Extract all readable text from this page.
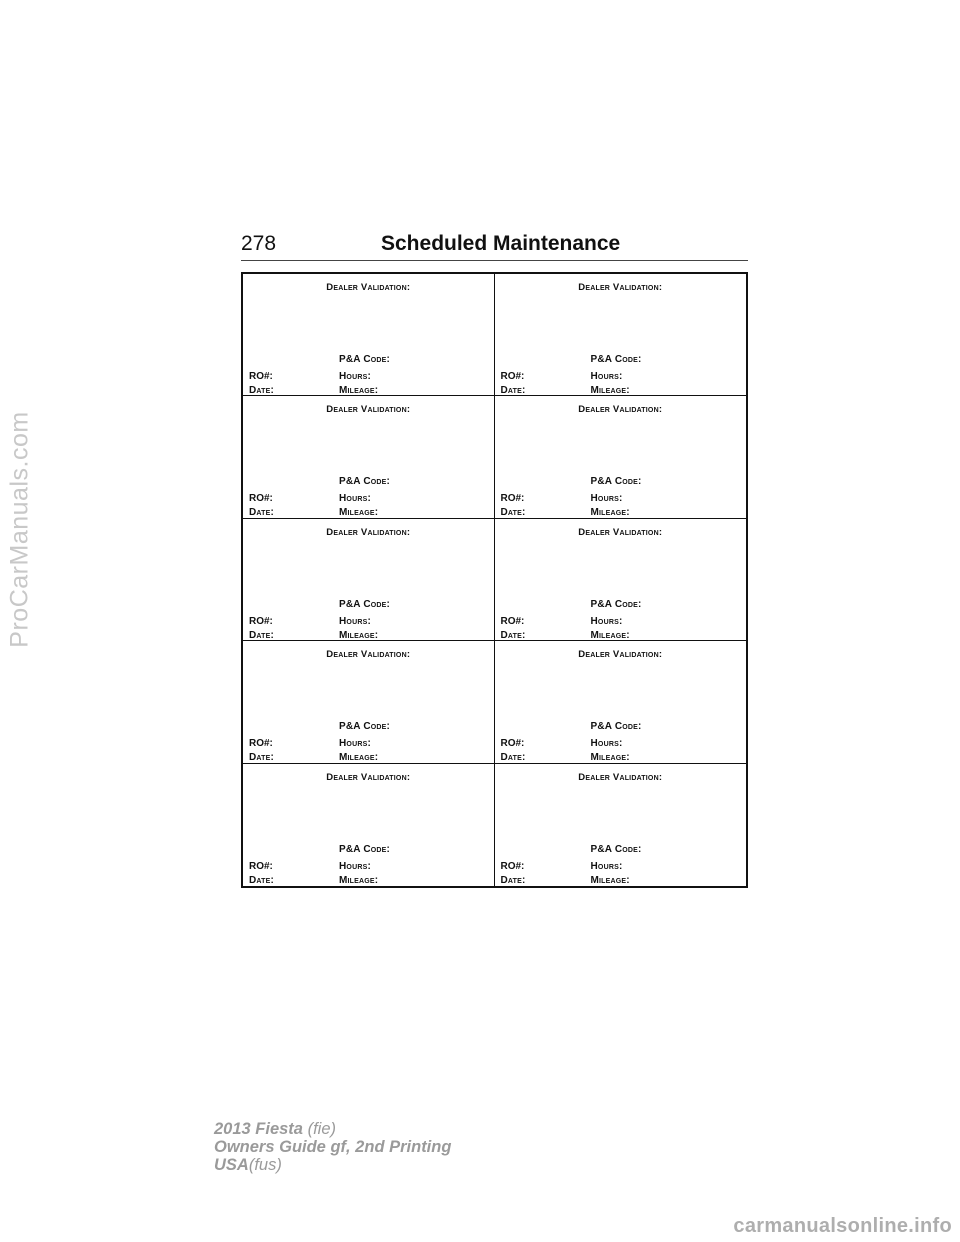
278	Scheduled Maintenance
Dealer Validation:
P&A Code:
RO#:	Hours:
Date:	Mileage:
Dealer Validation:
P&A Code:
RO#:	Hours:
Date:	Mileage:
Dealer Validation:
P&A Code:
RO#:	Hours:
Date:	Mileage:
Dealer Validation:
P&A Code:
RO#:	Hours:
Date:	Mileage:
Dealer Validation:
P&A Code:
RO#:	Hours:
Date:	Mileage:
Dealer Validation:
P&A Code:
RO#:	Hours:
Date:	Mileage:
Dealer Validation:
P&A Code:
RO#:	Hours:
Date:	Mileage:
Dealer Validation:
P&A Code:
RO#:	Hours:
Date:	Mileage:
Dealer Validation:
P&A Code:
RO#:	Hours:
Date:	Mileage:
Dealer Validation:
P&A Code:
RO#:	Hours:
Date:	Mileage:
ProCarManuals.com
2013 Fiesta (fie)
Owners Guide gf, 2nd Printing
USA(fus)
carmanualsonline.info
